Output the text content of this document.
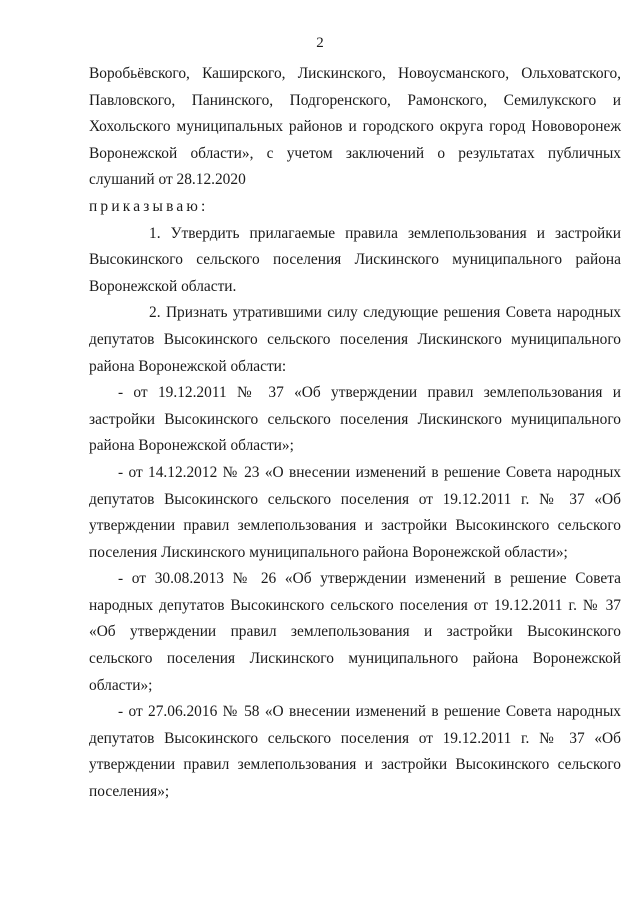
2

Воробьёвского, Каширского, Лискинского, Новоусманского, Ольховатского, Павловского, Панинского, Подгоренского, Рамонского, Семилукского и Хохольского муниципальных районов и городского округа город Нововоронеж Воронежской области», с учетом заключений о результатах публичных слушаний от 28.12.2020

приказываю:

1. Утвердить прилагаемые правила землепользования и застройки Высокинского сельского поселения Лискинского муниципального района Воронежской области.

2. Признать утратившими силу следующие решения Совета народных депутатов Высокинского сельского поселения Лискинского муниципального района Воронежской области:

- от 19.12.2011 № 37 «Об утверждении правил землепользования и застройки Высокинского сельского поселения Лискинского муниципального района Воронежской области»;

- от 14.12.2012 № 23 «О внесении изменений в решение Совета народных депутатов Высокинского сельского поселения от 19.12.2011 г. № 37 «Об утверждении правил землепользования и застройки Высокинского сельского поселения Лискинского муниципального района Воронежской области»;

- от 30.08.2013 № 26 «Об утверждении изменений в решение Совета народных депутатов Высокинского сельского поселения от 19.12.2011 г. № 37 «Об утверждении правил землепользования и застройки Высокинского сельского поселения Лискинского муниципального района Воронежской области»;

- от 27.06.2016 № 58 «О внесении изменений в решение Совета народных депутатов Высокинского сельского поселения от 19.12.2011 г. № 37 «Об утверждении правил землепользования и застройки Высокинского сельского поселения»;
